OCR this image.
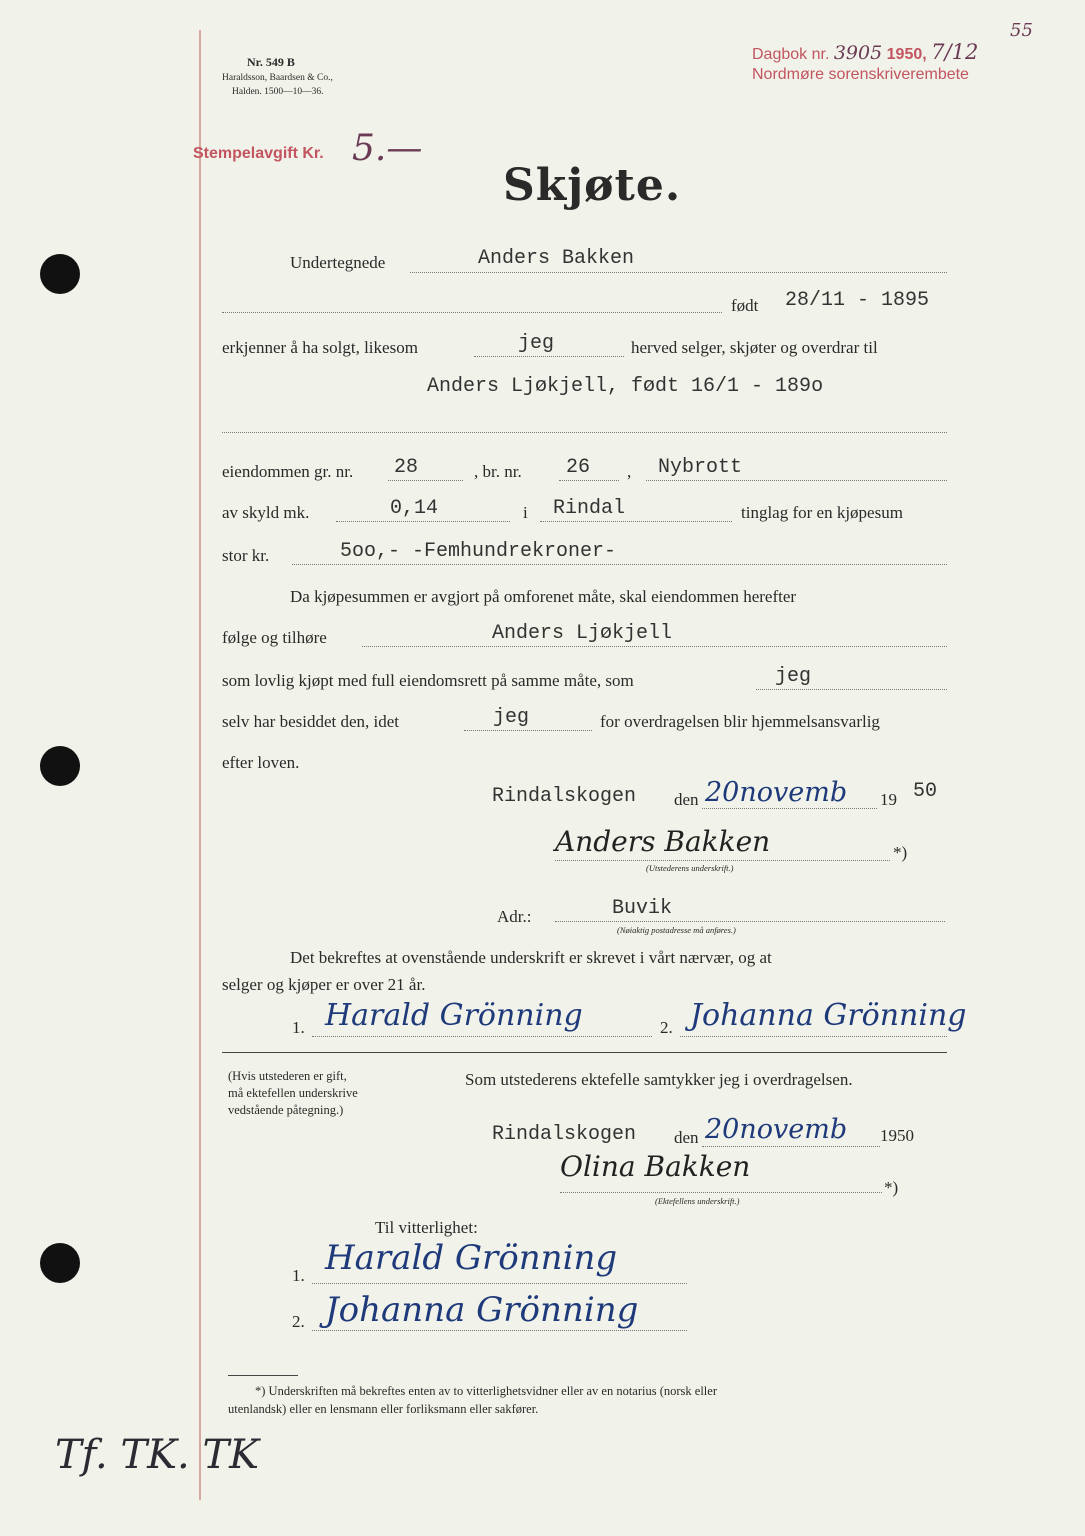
Nr. 549 B
Haraldsson, Baardsen & Co.,
Halden. 1500—10—36.
Dagbok nr. 3905 1950, 7/12
55
Nordmøre sorenskriverembete
Stempelavgift Kr. 5.—
Skjøte.
Undertegnede	Anders Bakken
født 28/11 - 1895
erkjenner å ha solgt, likesom	jeg	herved selger, skjøter og overdrar til
Anders Ljøkjell, født 16/1 - 189o
eiendommen gr. nr. 28	, br. nr. 26 , Nybrott
av skyld mk.	0,14	i Rindal	tinglag for en kjøpesum
stor kr.	5oo,- -Femhundrekroner-
Da kjøpesummen er avgjort på omforenet måte, skal eiendommen herefter
følge og tilhøre	Anders Ljøkjell
som lovlig kjøpt med full eiendomsrett på samme måte, som	jeg
selv har besiddet den, idet	jeg	for overdragelsen blir hjemmelsansvarlig
efter loven.
Rindalskogen den 20novemb 19 50
Anders Bakken	*)
(Utstederens underskrift.)
Adr.:	Buvik
(Nøiaktig postadresse må anføres.)
Det bekreftes at ovenstående underskrift er skrevet i vårt nærvær, og at
selger og kjøper er over 21 år.
1. Harald Grönning	2. Johanna Grönning
(Hvis utstederen er gift,
må ektefellen underskrive
vedstående påtegning.)
Som utstederens ektefelle samtykker jeg i overdragelsen.
Rindalskogen den 20novemb 1950
Olina Bakken
*)
(Ektefellens underskrift.)
Til vitterlighet:
1. Harald Grönning
2. Johanna Grönning
*) Underskriften må bekreftes enten av to vitterlighetsvidner eller av en notarius (norsk eller
utenlandsk) eller en lensmann eller forliksmann eller sakfører.
Tf. TK. TK
